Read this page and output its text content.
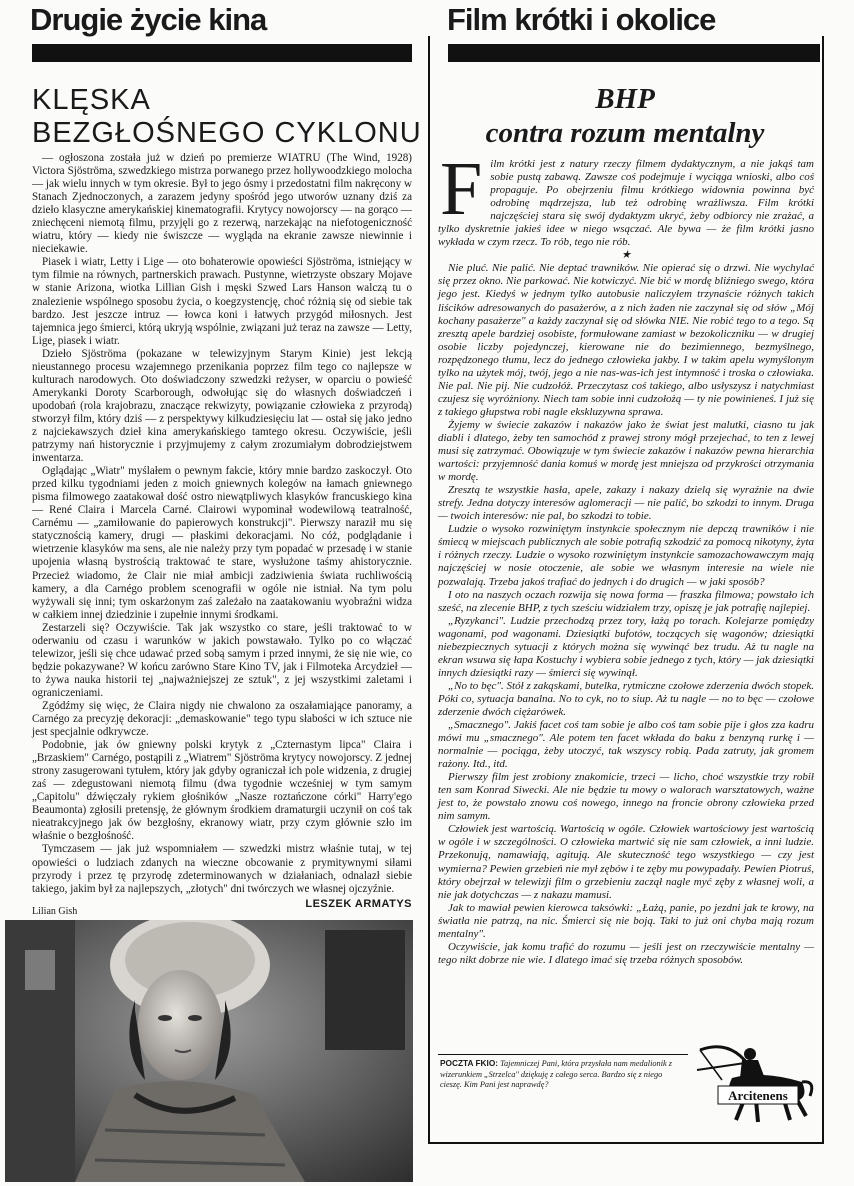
Drugie życie kina	Film krótki i okolice
KLĘSKA
BEZGŁOŚNEGO CYKLONU

— ogłoszona została już w dzień po premierze WIATRU (The Wind, 1928) Victora Sjöströma, szwedzkiego mistrza porwanego przez hollywoodzkiego molocha — jak wielu innych w tym okresie. Był to jego ósmy i przedostatni film nakręcony w Stanach Zjednoczonych, a zarazem jedyny spośród jego utworów uznany dziś za dzieło klasyczne amerykańskiej kinematografii. Krytycy nowojorscy — na gorąco — zniechęceni niemotą filmu, przyjęli go z rezerwą, narzekając na niefotogeniczność wiatru, który — kiedy nie świszcze — wygląda na ekranie zawsze niewinnie i nieciekawie.

Piasek i wiatr, Letty i Lige — oto bohaterowie opowieści Sjöströma, istniejący w tym filmie na równych, partnerskich prawach. Pustynne, wietrzyste obszary Mojave w stanie Arizona, wiotka Lillian Gish i męski Szwed Lars Hanson walczą tu o znalezienie wspólnego sposobu życia, o koegzystencję, choć różnią się od siebie tak bardzo. Jest jeszcze intruz — łowca koni i łatwych przygód miłosnych. Jest tajemnica jego śmierci, którą ukryją wspólnie, związani już teraz na zawsze — Letty, Lige, piasek i wiatr.

Dzieło Sjöströma (pokazane w telewizyjnym Starym Kinie) jest lekcją nieustannego procesu wzajemnego przenikania poprzez film tego co najlepsze w kulturach narodowych. Oto doświadczony szwedzki reżyser, w oparciu o powieść Amerykanki Doroty Scarborough, odwołując się do własnych doświadczeń i upodobań (rola krajobrazu, znaczące rekwizyty, powiązanie człowieka z przyrodą) stworzył film, który dziś — z perspektywy kilkudziesięciu lat — ostał się jako jedno z najciekawszych dzieł kina amerykańskiego tamtego okresu. Oczywiście, jeśli patrzymy nań historycznie i przyjmujemy z całym zrozumiałym dobrodziejstwem inwentarza.

Oglądając „Wiatr" myślałem o pewnym fakcie, który mnie bardzo zaskoczył. Oto przed kilku tygodniami jeden z moich gniewnych kolegów na łamach gniewnego pisma filmowego zaatakował dość ostro niewątpliwych klasyków francuskiego kina — René Claira i Marcela Carné. Clairowi wypominał wodewilową teatralność, Carnému — „zamiłowanie do papierowych konstrukcji". Pierwszy naraził mu się statycznością kamery, drugi — płaskimi dekoracjami. No cóż, podglądanie i wietrzenie klasyków ma sens, ale nie należy przy tym popadać w przesadę i w stanie upojenia własną bystrością traktować te stare, wysłużone taśmy ahistorycznie. Przecież wiadomo, że Clair nie miał ambicji zadziwienia świata ruchliwością kamery, a dla Carnégo problem scenografii w ogóle nie istniał. Na tym polu wyżywali się inni; tym oskarżonym zaś zależało na zaatakowaniu wyobraźni widza w całkiem innej dziedzinie i zupełnie innymi środkami.

Zestarzeli się? Oczywiście. Tak jak wszystko co stare, jeśli traktować to w oderwaniu od czasu i warunków w jakich powstawało. Tylko po co włączać telewizor, jeśli się chce udawać przed sobą samym i przed innymi, że się nie wie, co będzie pokazywane? W końcu zarówno Stare Kino TV, jak i Filmoteka Arcydzieł — to żywa nauka historii tej „najważniejszej ze sztuk", z jej wszystkimi zaletami i ograniczeniami.

Zgódźmy się więc, że Claira nigdy nie chwalono za oszałamiające panoramy, a Carnégo za precyzję dekoracji: „demaskowanie" tego typu słabości w ich sztuce nie jest specjalnie odkrywcze.

Podobnie, jak ów gniewny polski krytyk z „Czternastym lipca" Claira i „Brzaskiem" Carnégo, postąpili z „Wiatrem" Sjöströma krytycy nowojorscy. Z jednej strony zasugerowani tytułem, który jak gdyby ograniczał ich pole widzenia, z drugiej zaś — zdegustowani niemotą filmu (dwa tygodnie wcześniej w tym samym „Capitolu" dźwięczały rykiem głośników „Nasze roztańczone córki" Harry'ego Beaumonta) zgłosili pretensję, że głównym środkiem dramaturgii uczynił on coś tak nieatrakcyjnego jak ów bezgłośny, ekranowy wiatr, przy czym głównie szło im właśnie o bezgłośność.

Tymczasem — jak już wspomniałem — szwedzki mistrz właśnie tutaj, w tej opowieści o ludziach zdanych na wieczne obcowanie z prymitywnymi siłami przyrody i przez tę przyrodę zdeterminowanych w działaniach, odnalazł siebie takiego, jakim był za najlepszych, „złotych" dni twórczych we własnej ojczyźnie.

LESZEK ARMATYS

Lilian Gish
BHP
contra rozum mentalny

Film krótki jest z natury rzeczy filmem dydaktycznym, a nie jakąś tam sobie pustą zabawą. Zawsze coś podejmuje i wyciąga wnioski, albo coś propaguje. Po obejrzeniu filmu krótkiego widownia powinna być odrobinę mądrzejsza, lub też odrobinę wrażliwsza. Film krótki najczęściej stara się swój dydaktyzm ukryć, żeby odbiorcy nie zrażać, a tylko dyskretnie jakieś idee w niego wsączać. Ale bywa — że film krótki jasno wykłada w czym rzecz. To rób, tego nie rób.

★

Nie pluć. Nie palić. Nie deptać trawników. Nie opierać się o drzwi. Nie wychylać się przez okno. Nie parkować. Nie kotwiczyć. Nie bić w mordę bliźniego swego, która jego jest. Kiedyś w jednym tylko autobusie naliczyłem trzynaście różnych takich liścików adresowanych do pasażerów, a z nich żaden nie zaczynał się od słów „Mój kochany pasażerze" a każdy zaczynał się od słówka NIE. Nie robić tego to a tego. Są zresztą apele bardziej osobiste, formułowane zamiast w bezokoliczniku — w drugiej osobie liczby pojedynczej, kierowane nie do bezimiennego, bezmyślnego, rozpędzonego tłumu, lecz do jednego człowieka jakby. I w takim apelu wymyślonym tylko na użytek mój, twój, jego a nie nas-was-ich jest intymność i troska o człowiaka. Nie pal. Nie pij. Nie cudzołóż. Przeczytasz coś takiego, albo usłyszysz i natychmiast czujesz się wyróżniony. Niech tam sobie inni cudzołożą — ty nie powinieneś. I już się z takiego głupstwa robi nagle ekskluzywna sprawa.

Żyjemy w świecie zakazów i nakazów jako że świat jest malutki, ciasno tu jak diabli i dlatego, żeby ten samochód z prawej strony mógł przejechać, to ten z lewej musi się zatrzymać. Obowiązuje w tym świecie zakazów i nakazów pewna hierarchia wartości: przyjemność dania komuś w mordę jest mniejsza od przykrości otrzymania w mordę.

Zresztą te wszystkie hasła, apele, zakazy i nakazy dzielą się wyraźnie na dwie strefy. Jedna dotyczy interesów aglomeracji — nie palić, bo szkodzi to innym. Druga — twoich interesów: nie pal, bo szkodzi to tobie.

Ludzie o wysoko rozwiniętym instynkcie społecznym nie depczą trawników i nie śmiecą w miejscach publicznych ale sobie potrafią szkodzić za pomocą nikotyny, żyta i różnych rzeczy. Ludzie o wysoko rozwiniętym instynkcie samozachowawczym mają najczęściej w nosie otoczenie, ale sobie we własnym interesie na wiele nie pozwalają. Trzeba jakoś trafiać do jednych i do drugich — w jaki sposób?

I oto na naszych oczach rozwija się nowa forma — fraszka filmowa; powstało ich sześć, na zlecenie BHP, z tych sześciu widziałem trzy, opiszę je jak potrafię najlepiej.

„Ryzykanci". Ludzie przechodzą przez tory, łażą po torach. Kolejarze pomiędzy wagonami, pod wagonami. Dziesiątki bufotów, toczących się wagonów; dziesiątki niebezpiecznych sytuacji z których można się wywinąć bez trudu. Aż tu nagle na ekran wsuwa się łapa Kostuchy i wybiera sobie jednego z tych, który — jak dziesiątki innych dziesiątki razy — śmierci się wywinął.

„No to bęc". Stół z zakąskami, butelka, rytmiczne czołowe zderzenia dwóch stopek. Póki co, sytuacja banalna. No to cyk, no to siup. Aż tu nagle — no to bęc — czołowe zderzenie dwóch ciężarówek.

„Smacznego". Jakiś facet coś tam sobie je albo coś tam sobie pije i głos zza kadru mówi mu „smacznego". Ale potem ten facet wkłada do baku z benzyną rurkę i — normalnie — pociąga, żeby utoczyć, tak wszyscy robią. Pada zatruty, jak gromem rażony. Itd., itd.

Pierwszy film jest zrobiony znakomicie, trzeci — licho, choć wszystkie trzy robił ten sam Konrad Siwecki. Ale nie będzie tu mowy o walorach warsztatowych, ważne jest to, że powstało znowu coś nowego, innego na froncie obrony człowieka przed nim samym.

Człowiek jest wartością. Wartością w ogóle. Człowiek wartościowy jest wartością w ogóle i w szczególności. O człowieka martwić się nie sam człowiek, a inni ludzie. Przekonują, namawiają, agitują. Ale skuteczność tego wszystkiego — czy jest wymierna? Pewien grzebień nie mył zębów i te zęby mu powypadały. Pewien Piotruś, który obejrzał w telewizji film o grzebieniu zaczął nagle myć zęby z własnej woli, a nie jak dotychczas — z nakazu mamusi.

Jak to mawiał pewien kierowca taksówki: „Łażą, panie, po jezdni jak te krowy, na światła nie patrzą, na nic. Śmierci się nie boją. Taki to już oni chyba mają rozum mentalny".

Oczywiście, jak komu trafić do rozumu — jeśli jest on rzeczywiście mentalny — tego nikt dobrze nie wie. I dlatego imać się trzeba różnych sposobów.

POCZTA FKIO: Tajemniczej Pani, która przysłała nam medalionik z wizerunkiem „Strzelca" dziękuję z całego serca. Bardzo się z niego cieszę. Kim Pani jest naprawdę?
Arcitenens
